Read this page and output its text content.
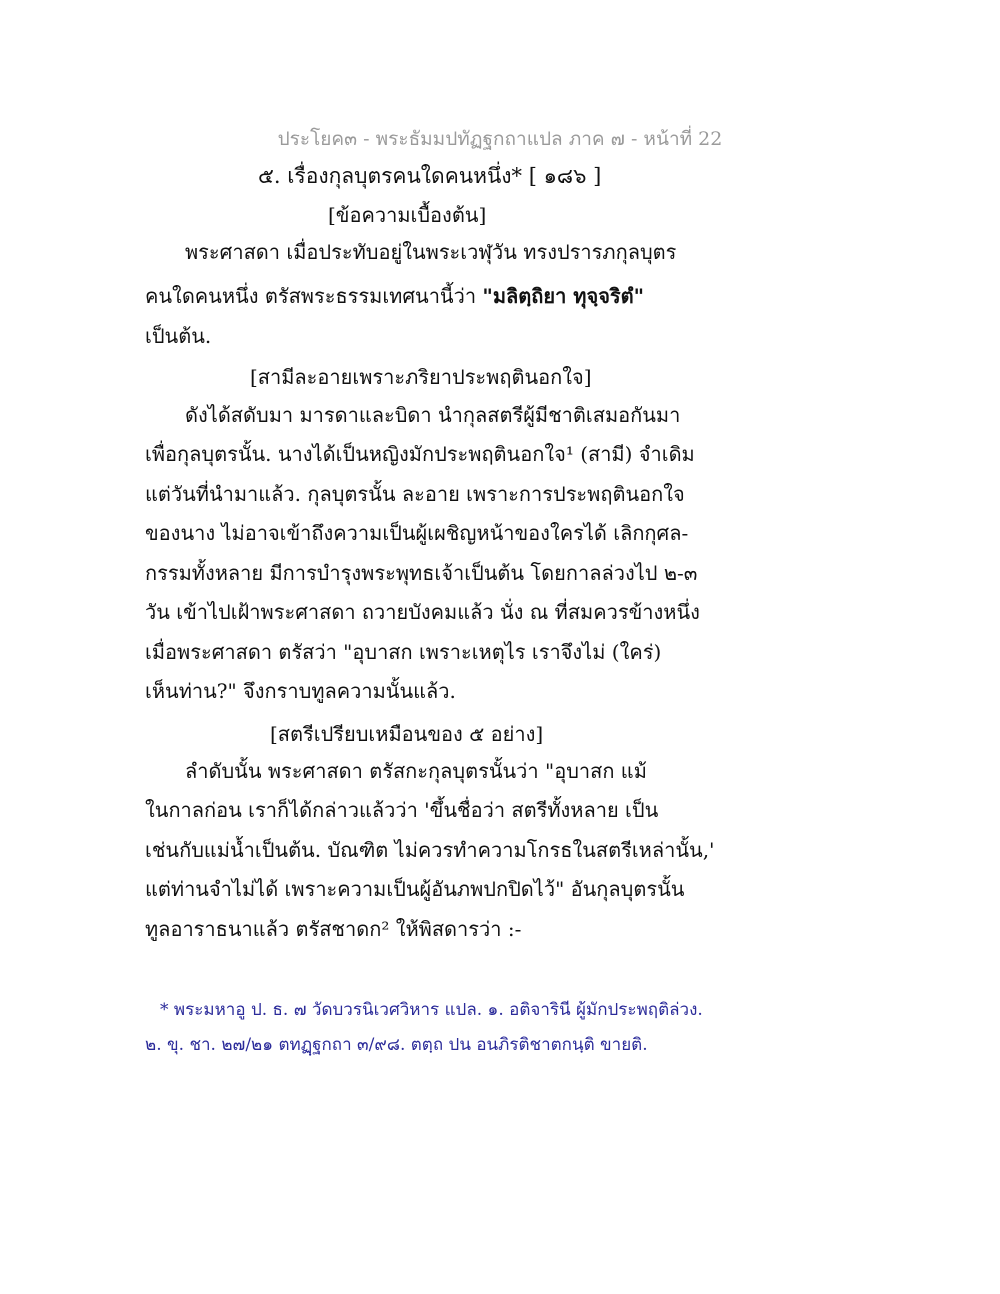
ประโยค๓ - พระธัมมปทัฏฐกถาแปล ภาค ๗ - หน้าที่ 22
๕. เรื่องกุลบุตรคนใดคนหนึ่ง* [ ๑๘๖ ]
[ข้อความเบื้องต้น]
พระศาสดา เมื่อประทับอยู่ในพระเวฬุวัน ทรงปรารภกุลบุตร
คนใดคนหนึ่ง ตรัสพระธรรมเทศนานี้ว่า "มลิตฺถิยา ทุจฺจริตํ"
เป็นต้น.
[สามีละอายเพราะภริยาประพฤตินอกใจ]
ดังได้สดับมา มารดาและบิดา นำกุลสตรีผู้มีชาติเสมอกันมา
เพื่อกุลบุตรนั้น. นางได้เป็นหญิงมักประพฤตินอกใจ¹ (สามี) จำเดิม
แต่วันที่นำมาแล้ว. กุลบุตรนั้น ละอาย เพราะการประพฤตินอกใจ
ของนาง ไม่อาจเข้าถึงความเป็นผู้เผชิญหน้าของใครได้ เลิกกุศล-
กรรมทั้งหลาย มีการบำรุงพระพุทธเจ้าเป็นต้น โดยกาลล่วงไป ๒-๓
วัน เข้าไปเฝ้าพระศาสดา ถวายบังคมแล้ว นั่ง ณ ที่สมควรข้างหนึ่ง
เมื่อพระศาสดา ตรัสว่า "อุบาสก เพราะเหตุไร เราจึงไม่ (ใคร่)
เห็นท่าน?" จึงกราบทูลความนั้นแล้ว.
[สตรีเปรียบเหมือนของ ๕ อย่าง]
ลำดับนั้น พระศาสดา ตรัสกะกุลบุตรนั้นว่า "อุบาสก แม้
ในกาลก่อน เราก็ได้กล่าวแล้วว่า 'ขึ้นชื่อว่า สตรีทั้งหลาย เป็น
เช่นกับแม่น้ำเป็นต้น. บัณฑิต ไม่ควรทำความโกรธในสตรีเหล่านั้น,'
แต่ท่านจำไม่ได้ เพราะความเป็นผู้อันภพปกปิดไว้" อันกุลบุตรนั้น
ทูลอาราธนาแล้ว ตรัสชาดก² ให้พิสดารว่า :-
* พระมหาอู ป. ธ. ๗ วัดบวรนิเวศวิหาร แปล. ๑. อติจารินี ผู้มักประพฤติล่วง.
๒. ขุ. ชา. ๒๗/๒๑ ตทฏฺฐกถา ๓/๙๘. ตตฺถ ปน อนภิรติชาตกนฺติ ขายติ.
